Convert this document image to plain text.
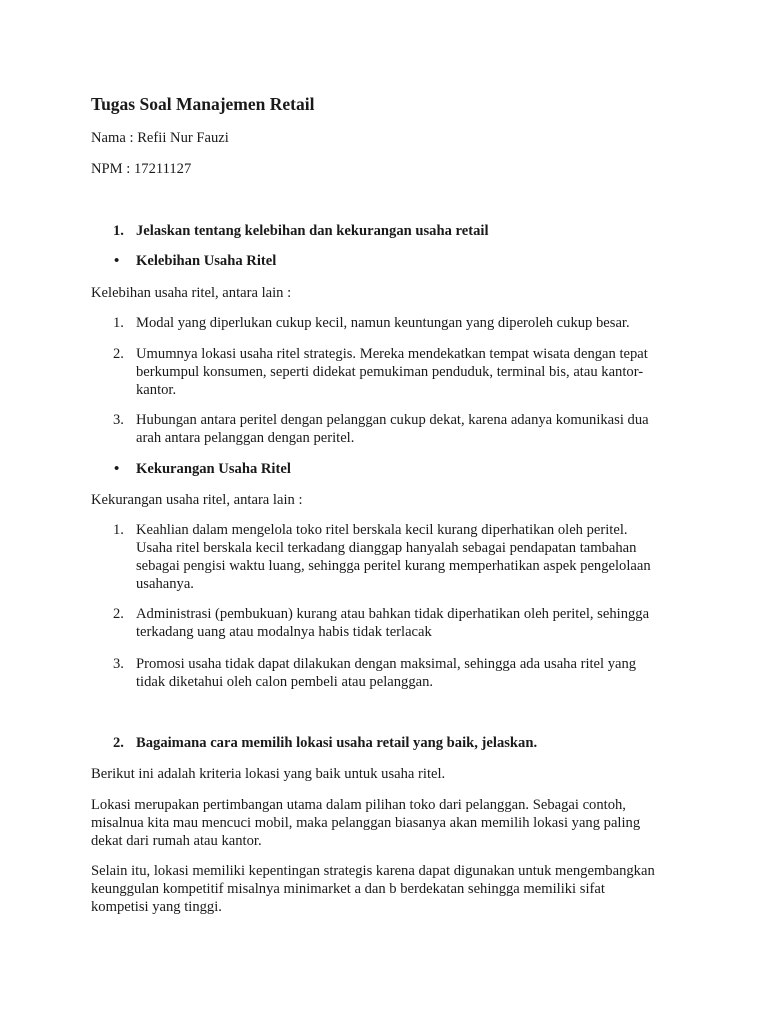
Tugas Soal Manajemen Retail

Nama : Refii Nur Fauzi

NPM : 17211127

1. Jelaskan tentang kelebihan dan kekurangan usaha retail
• Kelebihan Usaha Ritel

Kelebihan usaha ritel, antara lain :

1. Modal yang diperlukan cukup kecil, namun keuntungan yang diperoleh cukup besar.
2. Umumnya lokasi usaha ritel strategis. Mereka mendekatkan tempat wisata dengan tepat
berkumpul konsumen, seperti didekat pemukiman penduduk, terminal bis, atau kantor-
kantor.
3. Hubungan antara peritel dengan pelanggan cukup dekat, karena adanya komunikasi dua
arah antara pelanggan dengan peritel.
• Kekurangan Usaha Ritel

Kekurangan usaha ritel, antara lain :

1. Keahlian dalam mengelola toko ritel berskala kecil kurang diperhatikan oleh peritel.
Usaha ritel berskala kecil terkadang dianggap hanyalah sebagai pendapatan tambahan
sebagai pengisi waktu luang, sehingga peritel kurang memperhatikan aspek pengelolaan
usahanya.
2. Administrasi (pembukuan) kurang atau bahkan tidak diperhatikan oleh peritel, sehingga
terkadang uang atau modalnya habis tidak terlacak
3. Promosi usaha tidak dapat dilakukan dengan maksimal, sehingga ada usaha ritel yang
tidak diketahui oleh calon pembeli atau pelanggan.
2. Bagaimana cara memilih lokasi usaha retail yang baik, jelaskan.

Berikut ini adalah kriteria lokasi yang baik untuk usaha ritel.

Lokasi merupakan pertimbangan utama dalam pilihan toko dari pelanggan. Sebagai contoh,

misalnua kita mau mencuci mobil, maka pelanggan biasanya akan memilih lokasi yang paling

dekat dari rumah atau kantor.

Selain itu, lokasi memiliki kepentingan strategis karena dapat digunakan untuk mengembangkan

keunggulan kompetitif misalnya minimarket a dan b berdekatan sehingga memiliki sifat

kompetisi yang tinggi.
